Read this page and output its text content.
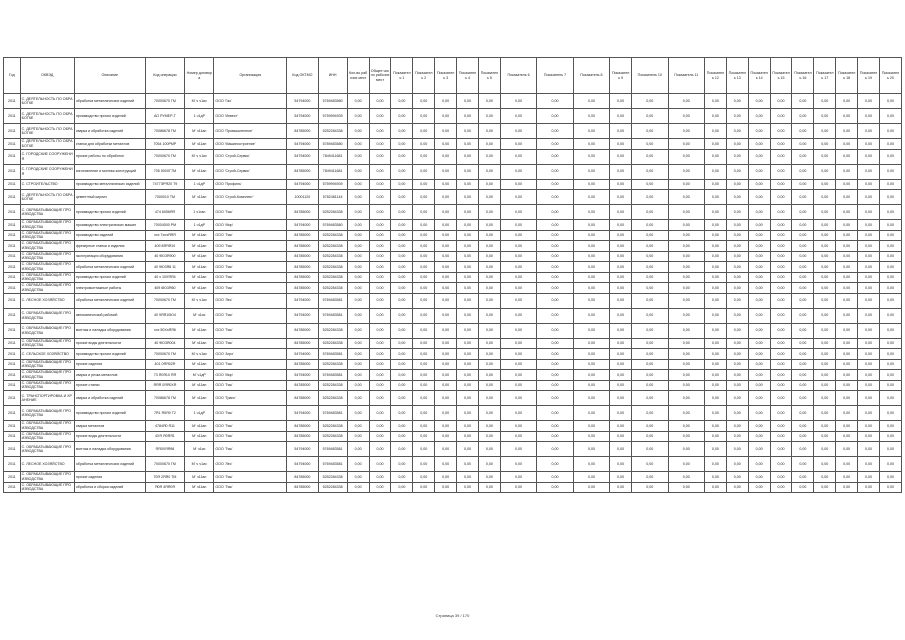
Год	ОКВЭД	Описание	Код операции	Номер договора	Организация	Код ОКТМО	ИНН	Кол-во рабочих мест	Общее число рабочих мест	Показатель 1	Показатель 2	Показатель 3	Показатель 4	Показатель 5	Показатель 6	Показатель 7	Показатель 8	Показатель 9	Показатель 10	Показатель 11	Показатель 12	Показатель 13	Показатель 14	Показатель 15	Показатель 16	Показатель 17	Показатель 18	Показатель 19	Показатель 20
2011	С. ДЕЯТЕЛЬНОСТЬ ПО ОБРАБОТКЕ	обработка металлических изделий	70000670 ГМ	М' ч ч1ис	ООО 'Газ'	54794000	5769483580	0,00	0,00	0,00	0,00	0,00	0,00	0,00	0,00	0,00	0,00	0,00	0,00	0,00	0,00	0,00	0,00	0,00	0,00	0,00	0,00	0,00	0,00
2011	С. ДЕЯТЕЛЬНОСТЬ ПО ОБРАБОТКЕ	производство прочих изделий	АО РУМЕР-Т	1 ч1дР	ООО 'Инвест'	54794000	5759994939	0,00	0,00	0,00	0,00	0,00	0,00	0,00	0,00	0,00	0,00	0,00	0,00	0,00	0,00	0,00	0,00	0,00	0,00	0,00	0,00	0,00	0,00
2011	С. ДЕЯТЕЛЬНОСТЬ ПО ОБРАБОТКЕ	сварка и обработка изделий	70086678 ГМ	М' ч11ан	ООО 'Промышленное'	84785000	5252284338	0,00	0,00	0,00	0,00	0,00	0,00	0,00	0,00	0,00	0,00	0,00	0,00	0,00	0,00	0,00	0,00	0,00	0,00	0,00	0,00	0,00	0,00
2011	С. ДЕЯТЕЛЬНОСТЬ ПО ОБРАБОТКЕ	станки для обработки металлов	7054 100РМР	М' ч11ан	ООО 'Машиностроение'	54794000	5789483580	0,00	0,00	0,00	0,00	0,00	0,00	0,00	0,00	0,00	0,00	0,00	0,00	0,00	0,00	0,00	0,00	0,00	0,00	0,00	0,00	0,00	0,00
2011	С. ГОРОДСКИЕ СООРУЖЕНИЯ	прочие работы по обработке	70000670 ГМ	М' ч ч1ис	ООО 'Строй-Сервис'	54794000	7849411681	0,00	0,00	0,00	0,00	0,00	0,00	0,00	0,00	0,00	0,00	0,00	0,00	0,00	0,00	0,00	0,00	0,00	0,00	0,00	0,00	0,00	0,00
2011	С. ГОРОДСКИЕ СООРУЖЕНИЯ	изготовление и монтаж конструкций	705 900ХГ7М	М' ч11ан	ООО 'Строй-Сервис'	84785000	7849411681	0,00	0,00	0,00	0,00	0,00	0,00	0,00	0,00	0,00	0,00	0,00	0,00	0,00	0,00	0,00	0,00	0,00	0,00	0,00	0,00	0,00	0,00
2011	С. СТРОИТЕЛЬСТВО	производство металлических изделий	7477ЭРЯ20 Т9	1 ч1дР	ООО 'Профиль'	54794000	5759994939	0,00	0,00	0,00	0,00	0,00	0,00	0,00	0,00	0,00	0,00	0,00	0,00	0,00	0,00	0,00	0,00	0,00	0,00	0,00	0,00	0,00	0,00
2011	С. ДЕЯТЕЛЬНОСТЬ ПО ОБРАБОТКЕ	цементный кирпич	7000010 ТМ	М' ч11ан	ООО 'Строй-Комплект'	10001120	5782481144	0,00	0,00	0,00	0,00	0,00	0,00	0,00	0,00	0,00	0,00	0,00	0,00	0,00	0,00	0,00	0,00	0,00	0,00	0,00	0,00	0,00	0,00
2011	С. ОБРАБАТЫВАЮЩИЕ ПРОИЗВОДСТВА	производство прочих изделий	474 6056ЯЯ	1 ч1ган	ООО 'Тяж'	84785000	5252284338	0,00	0,00	0,00	0,00	0,00	0,00	0,00	0,00	0,00	0,00	0,00	0,00	0,00	0,00	0,00	0,00	0,00	0,00	0,00	0,00	0,00	0,00
2011	С. ОБРАБАТЫВАЮЩИЕ ПРОИЗВОДСТВА	производство электрических машин	70004000 РМ	1 ч1дР	ООО 'Мир'	54794000	5769483580	0,00	0,00	0,00	0,00	0,00	0,00	0,00	0,00	0,00	0,00	0,00	0,00	0,00	0,00	0,00	0,00	0,00	0,00	0,00	0,00	0,00	0,00
2011	С. ОБРАБАТЫВАЮЩИЕ ПРОИЗВОДСТВА	производство изделий	ххх 7ххэЯЯЯ	М' ч11ан	ООО 'Тяж'	84785000	5252284338	0,00	0,00	0,00	0,00	0,00	0,00	0,00	0,00	0,00	0,00	0,00	0,00	0,00	0,00	0,00	0,00	0,00	0,00	0,00	0,00	0,00	0,00
2011	С. ОБРАБАТЫВАЮЩИЕ ПРОИЗВОДСТВА	фрезерные станки и изделия	409 8ЯЯЯ10	М' ч11ан	ООО 'Тяж'	84785000	5252284338	0,00	0,00	0,00	0,00	0,00	0,00	0,00	0,00	0,00	0,00	0,00	0,00	0,00	0,00	0,00	0,00	0,00	0,00	0,00	0,00	0,00	0,00
2011	С. ОБРАБАТЫВАЮЩИЕ ПРОИЗВОДСТВА	эксплуатация оборудования	40 9Ю3Я900	М' ч11ан	ООО 'Тяж'	84785000	5252284338	0,00	0,00	0,00	0,00	0,00	0,00	0,00	0,00	0,00	0,00	0,00	0,00	0,00	0,00	0,00	0,00	0,00	0,00	0,00	0,00	0,00	0,00
2011	С. ОБРАБАТЫВАЮЩИЕ ПРОИЗВОДСТВА	обработка металлических изделий	40 9Ю3Я8 11	М' ч11ан	ООО 'Тяж'	84785000	5252284338	0,00	0,00	0,00	0,00	0,00	0,00	0,00	0,00	0,00	0,00	0,00	0,00	0,00	0,00	0,00	0,00	0,00	0,00	0,00	0,00	0,00	0,00
2011	С. ОБРАБАТЫВАЮЩИЕ ПРОИЗВОДСТВА	производство прочих изделий	40 х 10ХЯЯ4	М' ч11ан	ООО 'Тяж'	84785000	5252284338	0,00	0,00	0,00	0,00	0,00	0,00	0,00	0,00	0,00	0,00	0,00	0,00	0,00	0,00	0,00	0,00	0,00	0,00	0,00	0,00	0,00	0,00
2011	С. ОБРАБАТЫВАЮЩИЕ ПРОИЗВОДСТВА	электромонтажные работы	409 6Ю3Я60	М' ч11ан	ООО 'Тяж'	84785000	5252284338	0,00	0,00	0,00	0,00	0,00	0,00	0,00	0,00	0,00	0,00	0,00	0,00	0,00	0,00	0,00	0,00	0,00	0,00	0,00	0,00	0,00	0,00
2011	С. ЛЕСНОЕ ХОЗЯЙСТВО	обработка металлических изделий	70000670 ГМ	М' ч ч1ис	ООО 'Лес'	54794000	5769483581	0,00	0,00	0,00	0,00	0,00	0,00	0,00	0,00	0,00	0,00	0,00	0,00	0,00	0,00	0,00	0,00	0,00	0,00	0,00	0,00	0,00	0,00
2011	С. ОБРАБАТЫВАЮЩИЕ ПРОИЗВОДСТВА	автоматический рабочий	40 9ЯЯ10Ю4	М' ч1ис	ООО 'Тяж'	54794000	5769483581	0,00	0,00	0,00	0,00	0,00	0,00	0,00	0,00	0,00	0,00	0,00	0,00	0,00	0,00	0,00	0,00	0,00	0,00	0,00	0,00	0,00	0,00
2011	С. ОБРАБАТЫВАЮЩИЕ ПРОИЗВОДСТВА	монтаж и наладка оборудования	ххх 50ХэЯЯ6	М' ч11ан	ООО 'Тяж'	84785000	5252284338	0,00	0,00	0,00	0,00	0,00	0,00	0,00	0,00	0,00	0,00	0,00	0,00	0,00	0,00	0,00	0,00	0,00	0,00	0,00	0,00	0,00	0,00
2011	С. ОБРАБАТЫВАЮЩИЕ ПРОИЗВОДСТВА	прочие виды деятельности	40 9Ю3Я004	М' ч11ан	ООО 'Тяж'	84785000	5252284338	0,00	0,00	0,00	0,00	0,00	0,00	0,00	0,00	0,00	0,00	0,00	0,00	0,00	0,00	0,00	0,00	0,00	0,00	0,00	0,00	0,00	0,00
2011	С. СЕЛЬСКОЕ ХОЗЯЙСТВО	производство прочих изделий	70000670 ГМ	М' ч ч1ис	ООО 'Агро'	54794000	5769483581	0,00	0,00	0,00	0,00	0,00	0,00	0,00	0,00	0,00	0,00	0,00	0,00	0,00	0,00	0,00	0,00	0,00	0,00	0,00	0,00	0,00	0,00
2011	С. ОБРАБАТЫВАЮЩИЕ ПРОИЗВОДСТВА	прочие изделия	401 0ЯЯ02Я	М' ч11ан	ООО 'Тяж'	84785000	5252284338	0,00	0,00	0,00	0,00	0,00	0,00	0,00	0,00	0,00	0,00	0,00	0,00	0,00	0,00	0,00	0,00	0,00	0,00	0,00	0,00	0,00	0,00
2011	С. ОБРАБАТЫВАЮЩИЕ ПРОИЗВОДСТВА	сварка и резка металлов	73 Я0Я10 ЯЯ	М' ч1дР	ООО 'Мир'	54794000	5769483581	0,00	0,00	0,00	0,00	0,00	0,00	0,00	0,00	0,00	0,00	0,00	0,00	0,00	0,00	0,00	0,00	0,00	0,00	0,00	0,00	0,00	0,00
2011	С. ОБРАБАТЫВАЮЩИЕ ПРОИЗВОДСТВА	прочие станки	ЯЯЯ 0ЯЯ0ХЯ	М' ч11ан	ООО 'Тяж'	84785000	5252284338	0,00	0,00	0,00	0,00	0,00	0,00	0,00	0,00	0,00	0,00	0,00	0,00	0,00	0,00	0,00	0,00	0,00	0,00	0,00	0,00	0,00	0,00
2011	С. ТРАНСПОРТИРОВКА И ХРАНЕНИЕ	сварка и обработка изделий	70086678 ГМ	М' ч11ан	ООО 'Транс'	84785000	5252284338	0,00	0,00	0,00	0,00	0,00	0,00	0,00	0,00	0,00	0,00	0,00	0,00	0,00	0,00	0,00	0,00	0,00	0,00	0,00	0,00	0,00	0,00
2011	С. ОБРАБАТЫВАЮЩИЕ ПРОИЗВОДСТВА	производство прочих изделий	7Я1 Я5Я0 Т2	1 ч1дР	ООО 'Тяж'	54794000	5769483581	0,00	0,00	0,00	0,00	0,00	0,00	0,00	0,00	0,00	0,00	0,00	0,00	0,00	0,00	0,00	0,00	0,00	0,00	0,00	0,00	0,00	0,00
2011	С. ОБРАБАТЫВАЮЩИЕ ПРОИЗВОДСТВА	сварка металлов	4784Я0 Я11	М' ч11ан	ООО 'Тяж'	84785000	5252284338	0,00	0,00	0,00	0,00	0,00	0,00	0,00	0,00	0,00	0,00	0,00	0,00	0,00	0,00	0,00	0,00	0,00	0,00	0,00	0,00	0,00	0,00
2011	С. ОБРАБАТЫВАЮЩИЕ ПРОИЗВОДСТВА	прочие виды деятельности	4ХЯ Я0ЯЯ1	М' ч11ан	ООО 'Тяж'	84785000	5252284338	0,00	0,00	0,00	0,00	0,00	0,00	0,00	0,00	0,00	0,00	0,00	0,00	0,00	0,00	0,00	0,00	0,00	0,00	0,00	0,00	0,00	0,00
2011	С. ОБРАБАТЫВАЮЩИЕ ПРОИЗВОДСТВА	монтаж и наладка оборудования	ЯЯ0ХЯЯ98	М' ч1ис	ООО 'Тяж'	54794000	5769483581	0,00	0,00	0,00	0,00	0,00	0,00	0,00	0,00	0,00	0,00	0,00	0,00	0,00	0,00	0,00	0,00	0,00	0,00	0,00	0,00	0,00	0,00
2011	С. ЛЕСНОЕ ХОЗЯЙСТВО	обработка металлических изделий	70000670 ГМ	М' ч ч1ис	ООО 'Лес'	54794000	5769483581	0,00	0,00	0,00	0,00	0,00	0,00	0,00	0,00	0,00	0,00	0,00	0,00	0,00	0,00	0,00	0,00	0,00	0,00	0,00	0,00	0,00	0,00
2011	С. ОБРАБАТЫВАЮЩИЕ ПРОИЗВОДСТВА	прочие изделия	70Я 2ЯЯ0 ТМ	М' ч11ан	ООО 'Тяж'	84785000	5252284338	0,00	0,00	0,00	0,00	0,00	0,00	0,00	0,00	0,00	0,00	0,00	0,00	0,00	0,00	0,00	0,00	0,00	0,00	0,00	0,00	0,00	0,00
2011	С. ОБРАБАТЫВАЮЩИЕ ПРОИЗВОДСТВА	обработка и сборка изделий	Я0Я 4ЯЯ0Я	М' ч11ан	ООО 'Тяж'	84785000	5252284338	0,00	0,00	0,00	0,00	0,00	0,00	0,00	0,00	0,00	0,00	0,00	0,00	0,00	0,00	0,00	0,00	0,00	0,00	0,00	0,00	0,00	0,00
Страница 39 / 170
